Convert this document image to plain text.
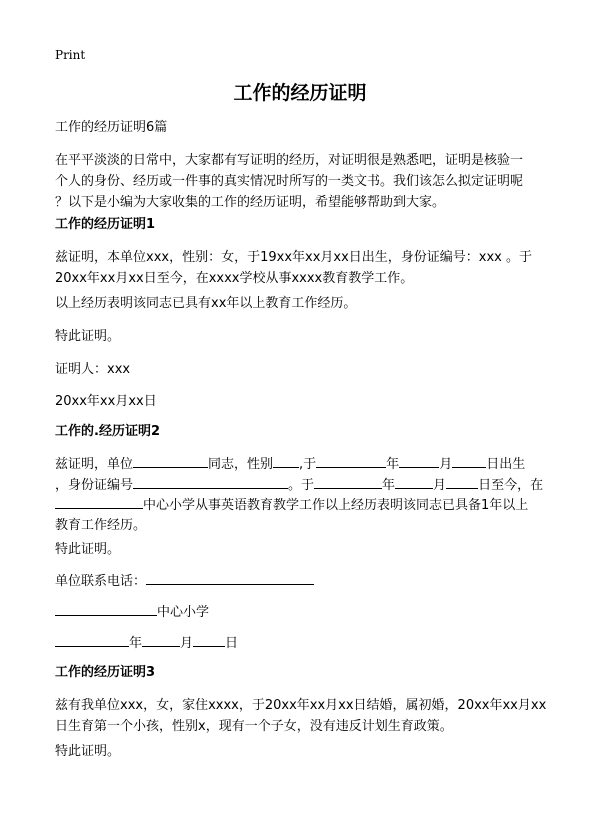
Print
工作的经历证明

工作的经历证明6篇

在平平淡淡的日常中，大家都有写证明的经历，对证明很是熟悉吧，证明是核验一

个人的身份、经历或一件事的真实情况时所写的一类文书。我们该怎么拟定证明呢

？以下是小编为大家收集的工作的经历证明，希望能够帮助到大家。

工作的经历证明1

兹证明，本单位xxx，性别：女，于19xx年xx月xx日出生，身份证编号：xxx 。于

20xx年xx月xx日至今，在xxxx学校从事xxxx教育教学工作。

以上经历表明该同志已具有xx年以上教育工作经历。

特此证明。

证明人：xxx

20xx年xx月xx日

工作的.经历证明2

兹证明，单位	同志，性别 ,于	年	月	日出生

，身份证编号	。于	年	月 日至今，在

中心小学从事英语教育教学工作以上经历表明该同志已具备1年以上

教育工作经历。

特此证明。

单位联系电话：

中心小学

年	月 日

工作的经历证明3

兹有我单位xxx，女，家住xxxx，于20xx年xx月xx日结婚，属初婚，20xx年xx月xx

日生育第一个小孩，性别x，现有一个子女，没有违反计划生育政策。

特此证明。
